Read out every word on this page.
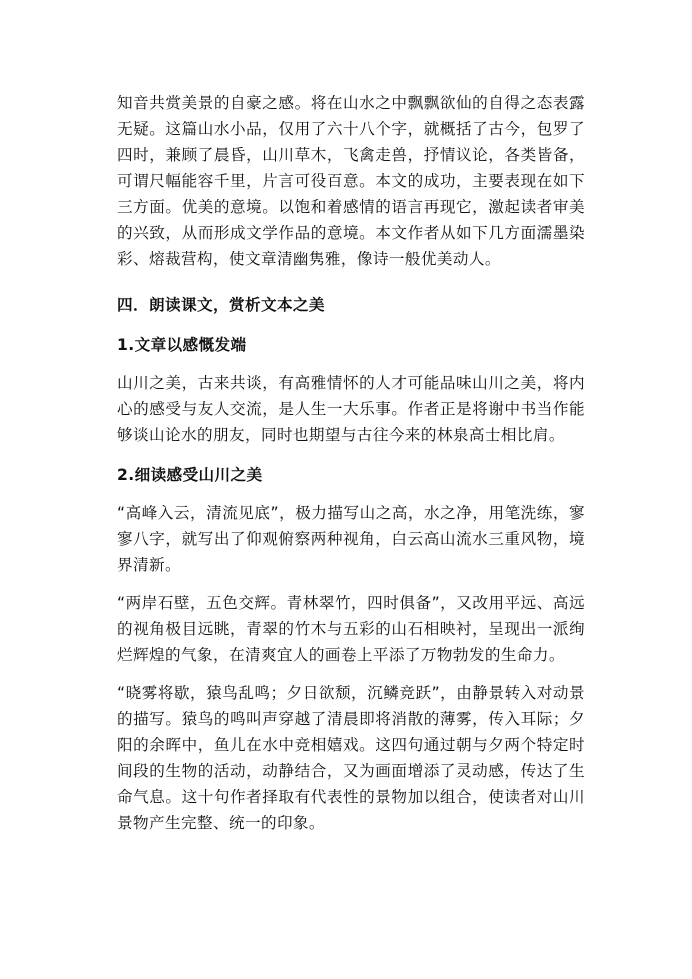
知音共赏美景的自豪之感。将在山水之中飘飘欲仙的自得之态表露无疑。这篇山水小品，仅用了六十八个字，就概括了古今，包罗了四时，兼顾了晨昏，山川草木，飞禽走兽，抒情议论，各类皆备，可谓尺幅能容千里，片言可役百意。本文的成功，主要表现在如下三方面。优美的意境。以饱和着感情的语言再现它，激起读者审美的兴致，从而形成文学作品的意境。本文作者从如下几方面濡墨染彩、熔裁营构，使文章清幽隽雅，像诗一般优美动人。

四．朗读课文，赏析文本之美

1.文章以感慨发端

山川之美，古来共谈，有高雅情怀的人才可能品味山川之美，将内心的感受与友人交流，是人生一大乐事。作者正是将谢中书当作能够谈山论水的朋友，同时也期望与古往今来的林泉高士相比肩。

2.细读感受山川之美

“高峰入云，清流见底”，极力描写山之高，水之净，用笔洗练，寥寥八字，就写出了仰观俯察两种视角，白云高山流水三重风物，境界清新。

“两岸石壁，五色交辉。青林翠竹，四时俱备”，又改用平远、高远的视角极目远眺，青翠的竹木与五彩的山石相映衬，呈现出一派绚烂辉煌的气象，在清爽宜人的画卷上平添了万物勃发的生命力。

“晓雾将歇，猿鸟乱鸣；夕日欲颓，沉鳞竞跃”，由静景转入对动景的描写。猿鸟的鸣叫声穿越了清晨即将消散的薄雾，传入耳际；夕阳的余晖中，鱼儿在水中竞相嬉戏。这四句通过朝与夕两个特定时间段的生物的活动，动静结合，又为画面增添了灵动感，传达了生命气息。这十句作者择取有代表性的景物加以组合，使读者对山川景物产生完整、统一的印象。
